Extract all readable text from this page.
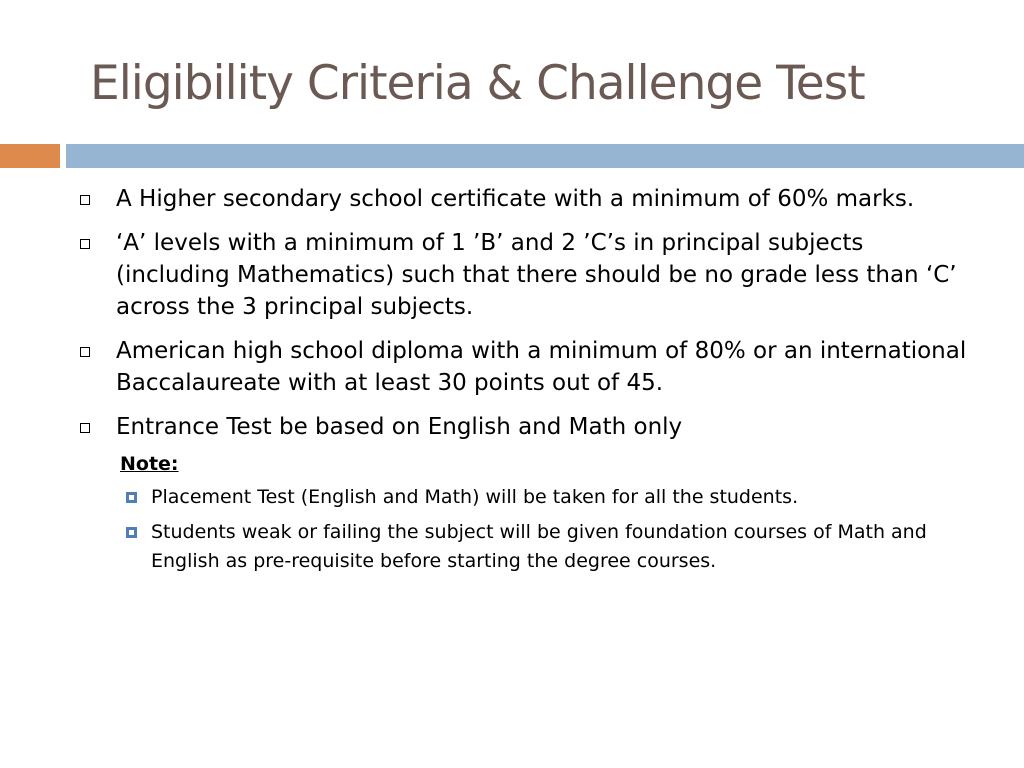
Eligibility Criteria & Challenge Test
A Higher secondary school certificate with a minimum of 60% marks.
‘A’ levels with a minimum of 1 ’B’ and 2 ’C’s in principal subjects (including Mathematics) such that there should be no grade less than ‘C’ across the 3 principal subjects.
American high school diploma with a minimum of 80% or an international Baccalaureate with at least 30 points out of 45.
Entrance Test be based on English and Math only
Note:
Placement Test (English and Math) will be taken for all the students.
Students weak or failing the subject will be given foundation courses of Math and English as pre-requisite before starting the degree courses.
